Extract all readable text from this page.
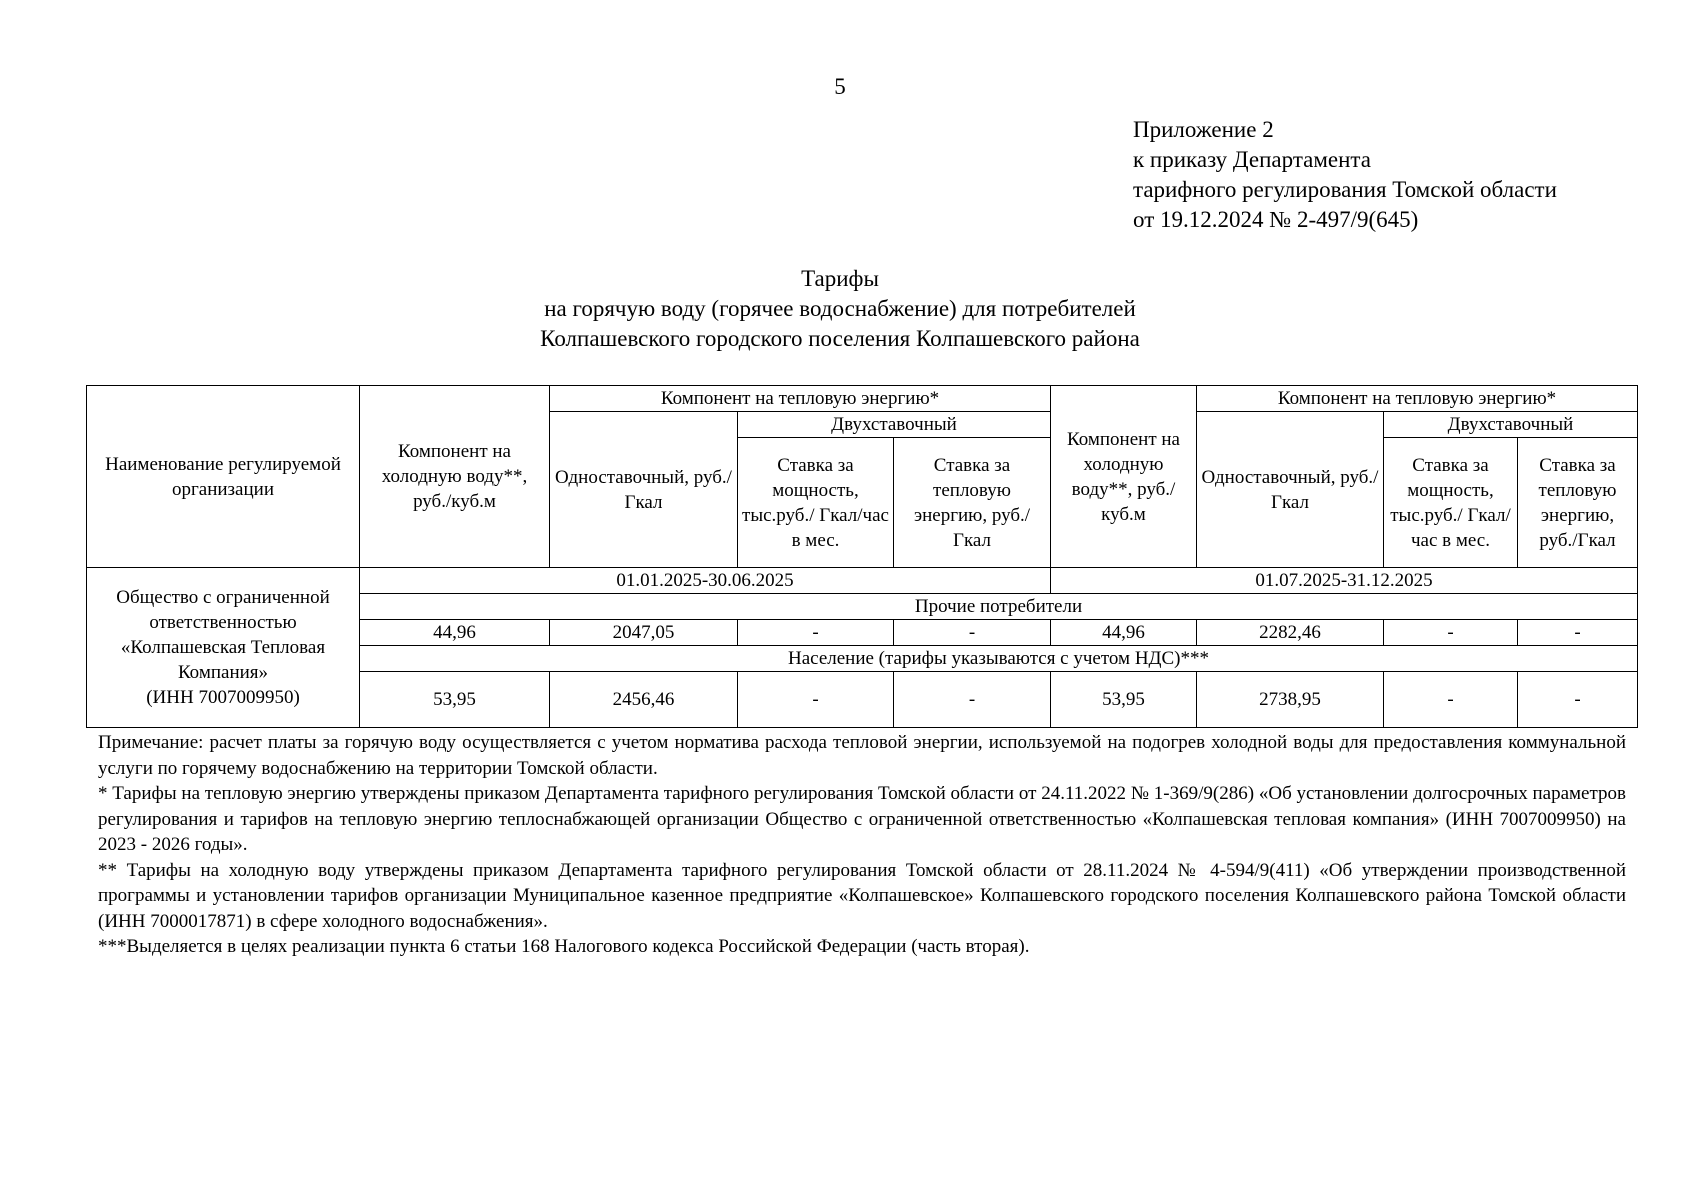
5
Приложение 2
к приказу Департамента
тарифного регулирования Томской области
от 19.12.2024 № 2-497/9(645)
Тарифы
на горячую воду (горячее водоснабжение) для потребителей
Колпашевского городского поселения Колпашевского района
Наименование регулируемой организации	Компонент на холодную воду**, руб./куб.м	Компонент на тепловую энергию*			Компонент на холодную воду**, руб./куб.м	Компонент на тепловую энергию*		
		Одноставочный, руб./Гкал	Двухставочный			Одноставочный, руб./Гкал	Двухставочный	
			Ставка за мощность, тыс.руб./ Гкал/час в мес.	Ставка за тепловую энергию, руб./Гкал			Ставка за мощность, тыс.руб./ Гкал/час в мес.	Ставка за тепловую энергию, руб./Гкал

Общество с ограниченной ответственностью
«Колпашевская Тепловая Компания»
(ИНН 7007009950)	01.01.2025-30.06.2025				01.07.2025-31.12.2025			
	Прочие потребители							
	44,96	2047,05	-	-	44,96	2282,46	-	-
	Население (тарифы указываются с учетом НДС)***							
	53,95	2456,46	-	-	53,95	2738,95	-	-

Примечание: расчет платы за горячую воду осуществляется с учетом норматива расхода тепловой энергии, используемой на подогрев холодной воды для предоставления коммунальной услуги по горячему водоснабжению на территории Томской области.

* Тарифы на тепловую энергию утверждены приказом Департамента тарифного регулирования Томской области от 24.11.2022 № 1-369/9(286) «Об установлении долгосрочных параметров регулирования и тарифов на тепловую энергию теплоснабжающей организации Общество с ограниченной ответственностью «Колпашевская тепловая компания» (ИНН 7007009950) на 2023 - 2026 годы».

** Тарифы на холодную воду утверждены приказом Департамента тарифного регулирования Томской области от 28.11.2024 № 4-594/9(411) «Об утверждении производственной программы и установлении тарифов организации Муниципальное казенное предприятие «Колпашевское» Колпашевского городского поселения Колпашевского района Томской области (ИНН 7000017871) в сфере холодного водоснабжения».

***Выделяется в целях реализации пункта 6 статьи 168 Налогового кодекса Российской Федерации (часть вторая).
